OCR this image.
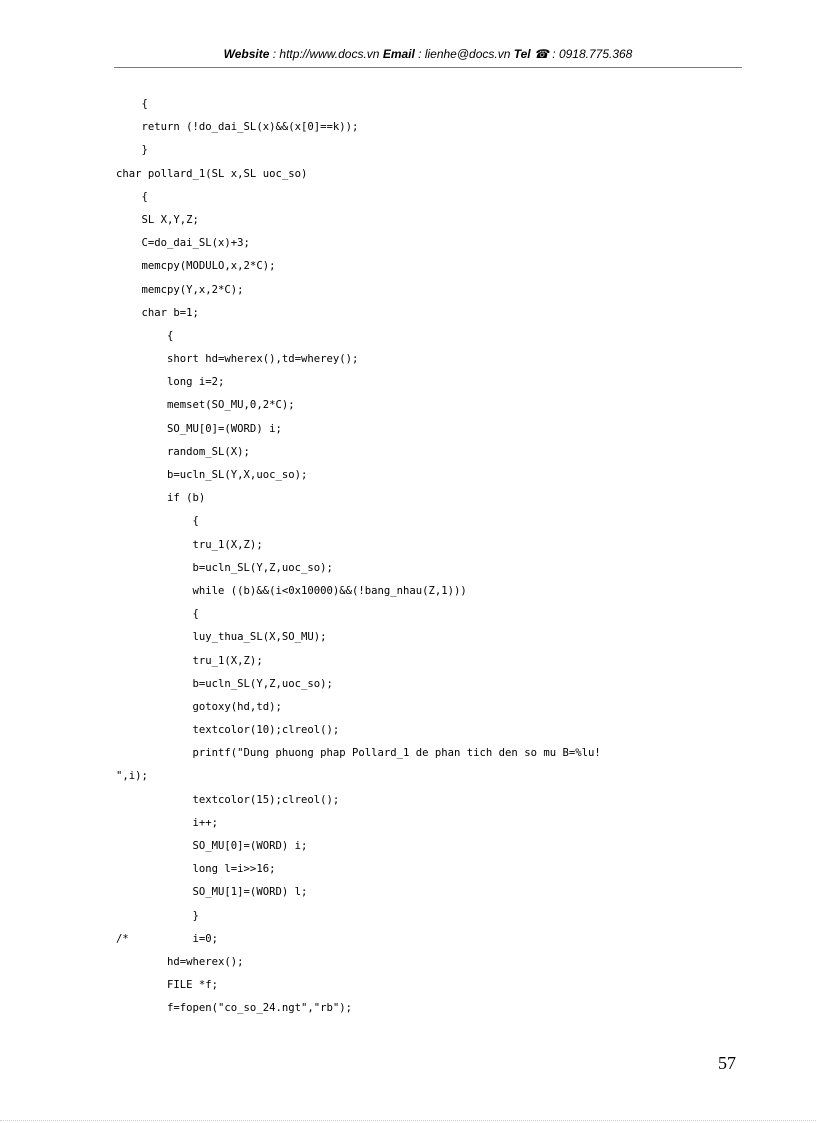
Website : http://www.docs.vn Email : lienhe@docs.vn Tel ☎ : 0918.775.368
{
return (!do_dai_SL(x)&&(x[0]==k));
}
char pollard_1(SL x,SL uoc_so)
{
SL X,Y,Z;
C=do_dai_SL(x)+3;
memcpy(MODULO,x,2*C);
memcpy(Y,x,2*C);
char b=1;
{
short hd=wherex(),td=wherey();
long i=2;
memset(SO_MU,0,2*C);
SO_MU[0]=(WORD) i;
random_SL(X);
b=ucln_SL(Y,X,uoc_so);
if (b)
{
tru_1(X,Z);
b=ucln_SL(Y,Z,uoc_so);
while ((b)&&(i<0x10000)&&(!bang_nhau(Z,1)))
{
luy_thua_SL(X,SO_MU);
tru_1(X,Z);
b=ucln_SL(Y,Z,uoc_so);
gotoxy(hd,td);
textcolor(10);clreol();
printf("Dung phuong phap Pollard_1 de phan tich den so mu B=%lu!
",i);
textcolor(15);clreol();
i++;
SO_MU[0]=(WORD) i;
long l=i>>16;
SO_MU[1]=(WORD) l;
}
/*          i=0;
hd=wherex();
FILE *f;
f=fopen("co_so_24.ngt","rb");
57
